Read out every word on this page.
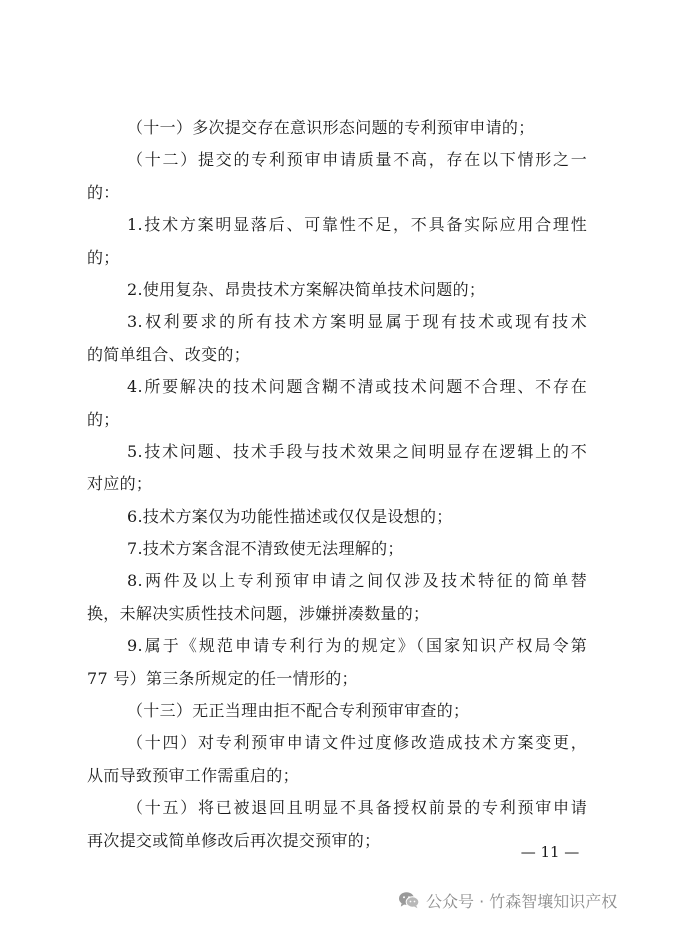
（十一）多次提交存在意识形态问题的专利预审申请的；
（十二）提交的专利预审申请质量不高，存在以下情形之一
的：
1.技术方案明显落后、可靠性不足，不具备实际应用合理性
的；
2.使用复杂、昂贵技术方案解决简单技术问题的；
3.权利要求的所有技术方案明显属于现有技术或现有技术
的简单组合、改变的；
4.所要解决的技术问题含糊不清或技术问题不合理、不存在
的；
5.技术问题、技术手段与技术效果之间明显存在逻辑上的不
对应的；
6.技术方案仅为功能性描述或仅仅是设想的；
7.技术方案含混不清致使无法理解的；
8.两件及以上专利预审申请之间仅涉及技术特征的简单替
换，未解决实质性技术问题，涉嫌拼凑数量的；
9.属于《规范申请专利行为的规定》（国家知识产权局令第
77 号）第三条所规定的任一情形的；
（十三）无正当理由拒不配合专利预审审查的；
（十四）对专利预审申请文件过度修改造成技术方案变更，
从而导致预审工作需重启的；
（十五）将已被退回且明显不具备授权前景的专利预审申请
再次提交或简单修改后再次提交预审的；
— 11 —
公众号 · 竹森智壤知识产权
